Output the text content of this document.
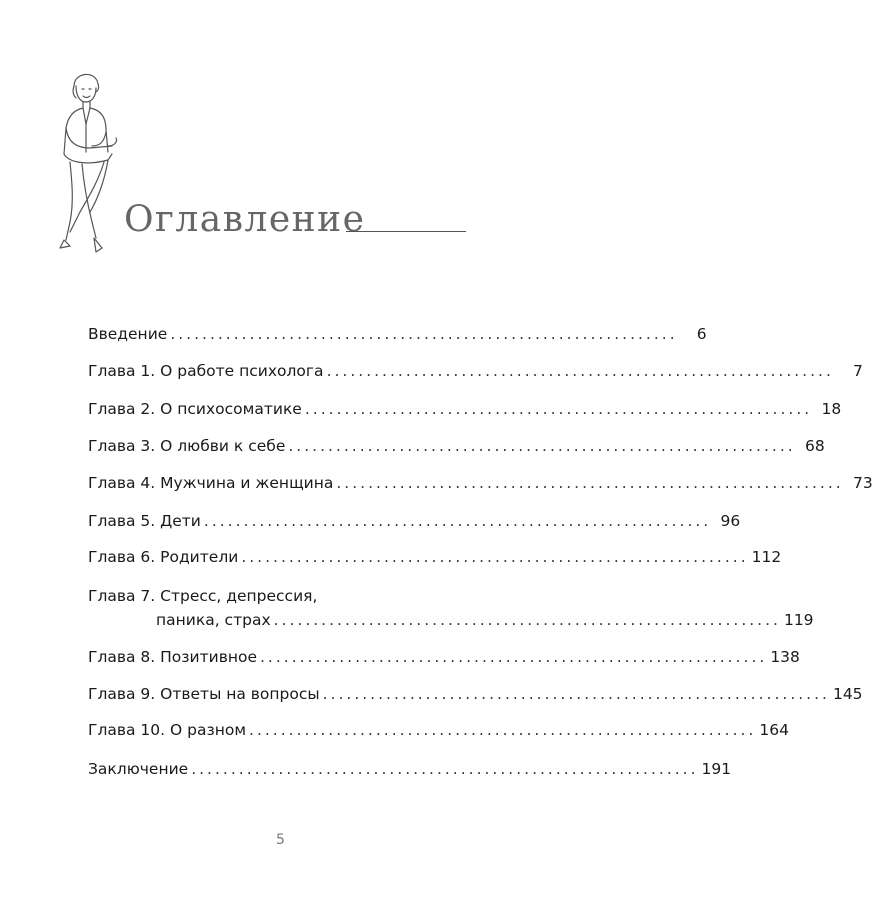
Оглавление
Введение ................................................................	6
Глава 1. О работе психолога ................................................................	7
Глава 2. О психосоматике ................................................................ 18
Глава 3. О любви к себе ................................................................ 68
Глава 4. Мужчина и женщина ................................................................ 73
Глава 5. Дети ................................................................ 96
Глава 6. Родители ................................................................ 112
Глава 7. Стресс, депрессия,
паника, страх ................................................................ 119
Глава 8. Позитивное ................................................................ 138
Глава 9. Ответы на вопросы ................................................................ 145
Глава 10. О разном ................................................................ 164
Заключение ................................................................ 191
5
